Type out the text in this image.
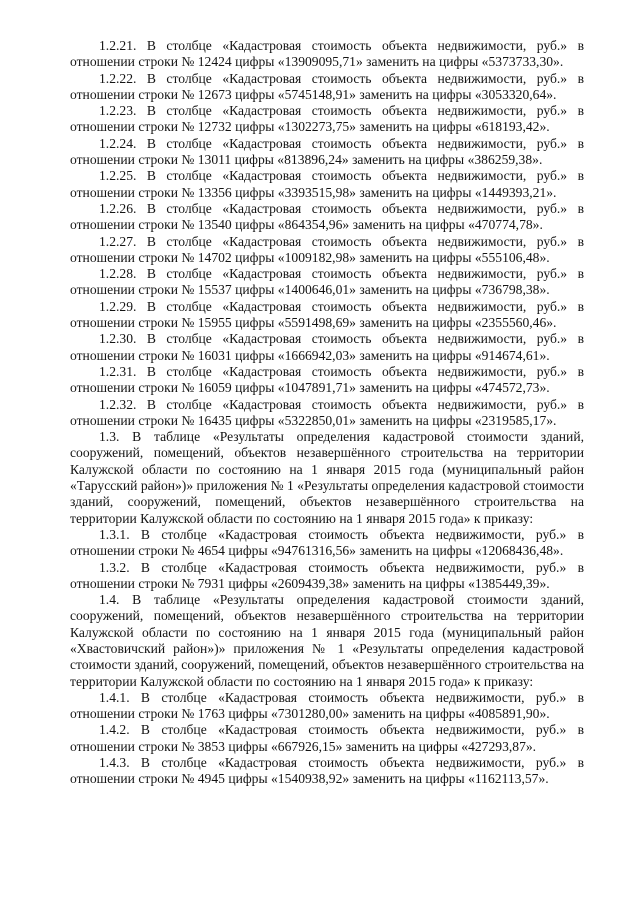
1.2.21. В столбце «Кадастровая стоимость объекта недвижимости, руб.» в отношении строки № 12424 цифры «13909095,71» заменить на цифры «5373733,30».

1.2.22. В столбце «Кадастровая стоимость объекта недвижимости, руб.» в отношении строки № 12673 цифры «5745148,91» заменить на цифры «3053320,64».

1.2.23. В столбце «Кадастровая стоимость объекта недвижимости, руб.» в отношении строки № 12732 цифры «1302273,75» заменить на цифры «618193,42».

1.2.24. В столбце «Кадастровая стоимость объекта недвижимости, руб.» в отношении строки № 13011 цифры «813896,24» заменить на цифры «386259,38».

1.2.25. В столбце «Кадастровая стоимость объекта недвижимости, руб.» в отношении строки № 13356 цифры «3393515,98» заменить на цифры «1449393,21».

1.2.26. В столбце «Кадастровая стоимость объекта недвижимости, руб.» в отношении строки № 13540 цифры «864354,96» заменить на цифры «470774,78».

1.2.27. В столбце «Кадастровая стоимость объекта недвижимости, руб.» в отношении строки № 14702 цифры «1009182,98» заменить на цифры «555106,48».

1.2.28. В столбце «Кадастровая стоимость объекта недвижимости, руб.» в отношении строки № 15537 цифры «1400646,01» заменить на цифры «736798,38».

1.2.29. В столбце «Кадастровая стоимость объекта недвижимости, руб.» в отношении строки № 15955 цифры «5591498,69» заменить на цифры «2355560,46».

1.2.30. В столбце «Кадастровая стоимость объекта недвижимости, руб.» в отношении строки № 16031 цифры «1666942,03» заменить на цифры «914674,61».

1.2.31. В столбце «Кадастровая стоимость объекта недвижимости, руб.» в отношении строки № 16059 цифры «1047891,71» заменить на цифры «474572,73».

1.2.32. В столбце «Кадастровая стоимость объекта недвижимости, руб.» в отношении строки № 16435 цифры «5322850,01» заменить на цифры «2319585,17».

1.3. В таблице «Результаты определения кадастровой стоимости зданий, сооружений, помещений, объектов незавершённого строительства на территории Калужской области по состоянию на 1 января 2015 года (муниципальный район «Тарусский район»)» приложения № 1 «Результаты определения кадастровой стоимости зданий, сооружений, помещений, объектов незавершённого строительства на территории Калужской области по состоянию на 1 января 2015 года» к приказу:

1.3.1. В столбце «Кадастровая стоимость объекта недвижимости, руб.» в отношении строки № 4654 цифры «94761316,56» заменить на цифры «12068436,48».

1.3.2. В столбце «Кадастровая стоимость объекта недвижимости, руб.» в отношении строки № 7931 цифры «2609439,38» заменить на цифры «1385449,39».

1.4. В таблице «Результаты определения кадастровой стоимости зданий, сооружений, помещений, объектов незавершённого строительства на территории Калужской области по состоянию на 1 января 2015 года (муниципальный район «Хвастовичский район»)» приложения № 1 «Результаты определения кадастровой стоимости зданий, сооружений, помещений, объектов незавершённого строительства на территории Калужской области по состоянию на 1 января 2015 года» к приказу:

1.4.1. В столбце «Кадастровая стоимость объекта недвижимости, руб.» в отношении строки № 1763 цифры «7301280,00» заменить на цифры «4085891,90».

1.4.2. В столбце «Кадастровая стоимость объекта недвижимости, руб.» в отношении строки № 3853 цифры «667926,15» заменить на цифры «427293,87».

1.4.3. В столбце «Кадастровая стоимость объекта недвижимости, руб.» в отношении строки № 4945 цифры «1540938,92» заменить на цифры «1162113,57».
